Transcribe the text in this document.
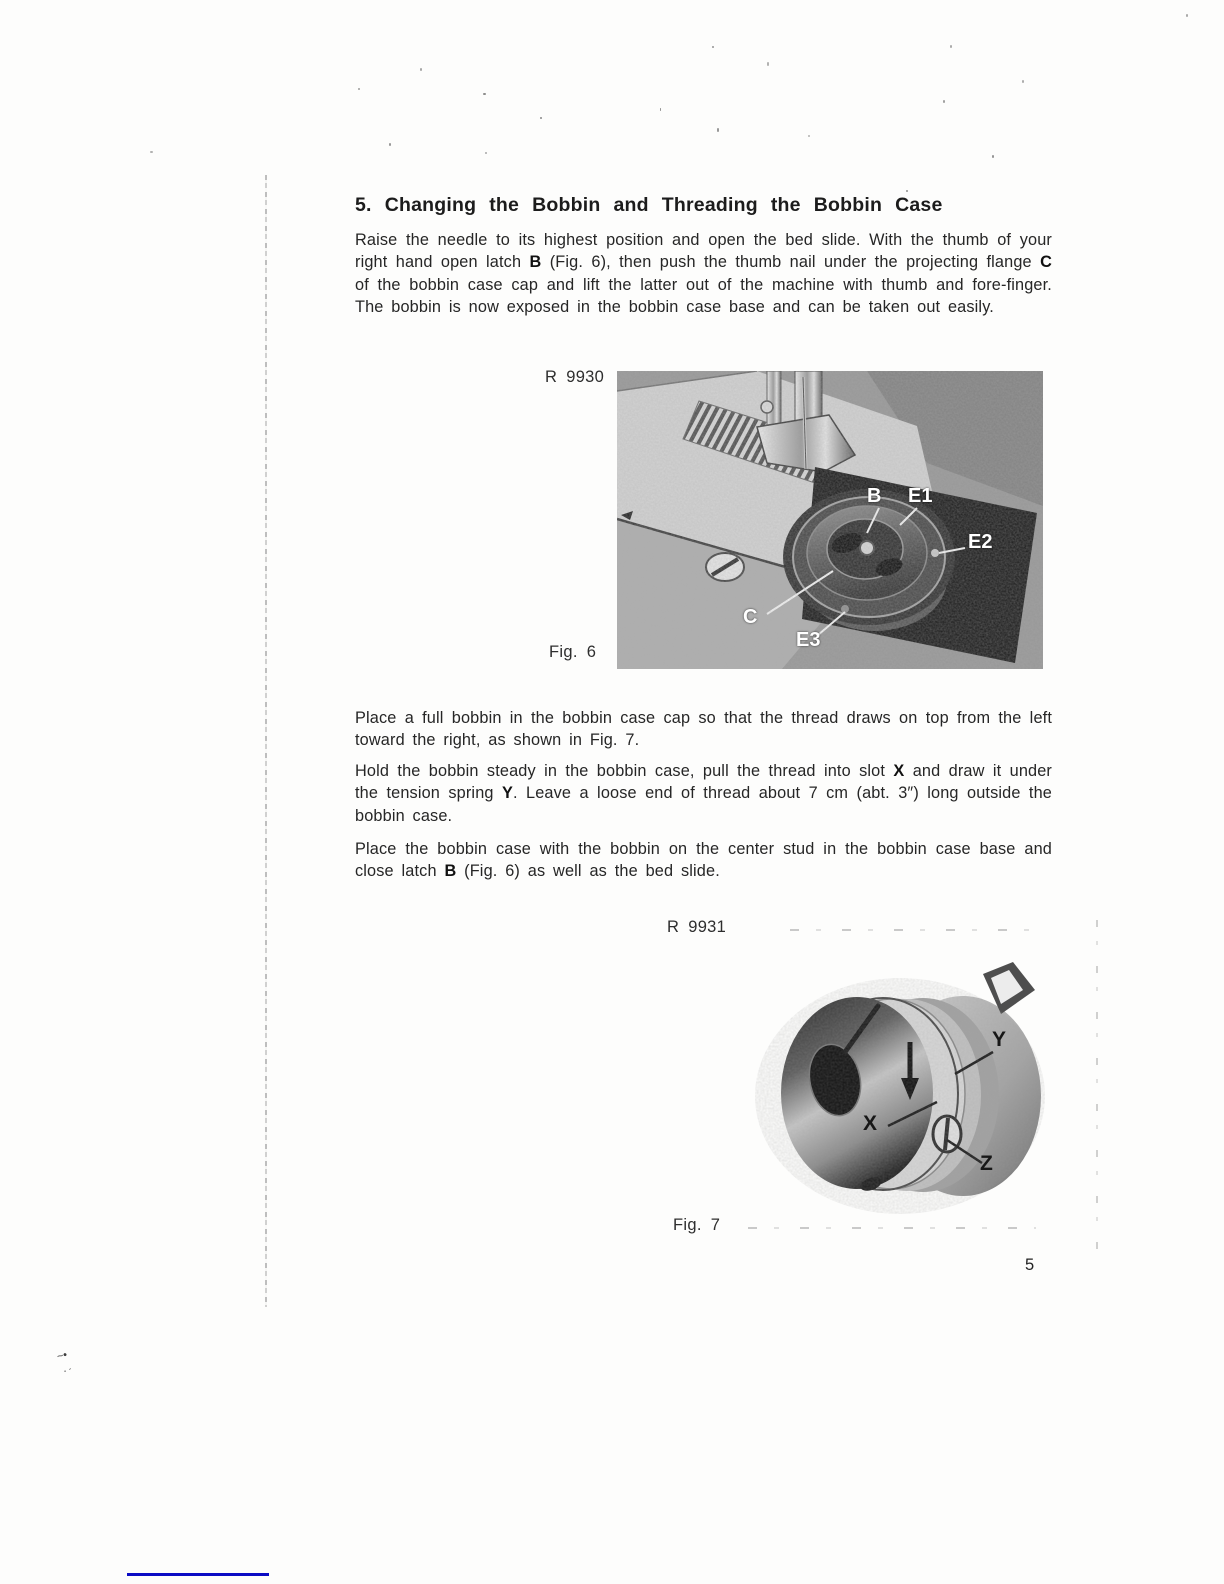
5. Changing the Bobbin and Threading the Bobbin Case
Raise the needle to its highest position and open the bed slide. With the thumb of your right hand open latch B (Fig. 6), then push the thumb nail under the projecting flange C of the bobbin case cap and lift the latter out of the machine with thumb and fore-finger. The bobbin is now exposed in the bobbin case base and can be taken out easily.
R 9930
B E1
E2
C
E3
Fig. 6
Place a full bobbin in the bobbin case cap so that the thread draws on top from the left toward the right, as shown in Fig. 7.
Hold the bobbin steady in the bobbin case, pull the thread into slot X and draw it under the tension spring Y. Leave a loose end of thread about 7 cm (abt. 3″) long outside the bobbin case.
Place the bobbin case with the bobbin on the center stud in the bobbin case base and close latch B (Fig. 6) as well as the bed slide.
R 9931
Y
X
Z
Fig. 7
5
~•
·ˈ
